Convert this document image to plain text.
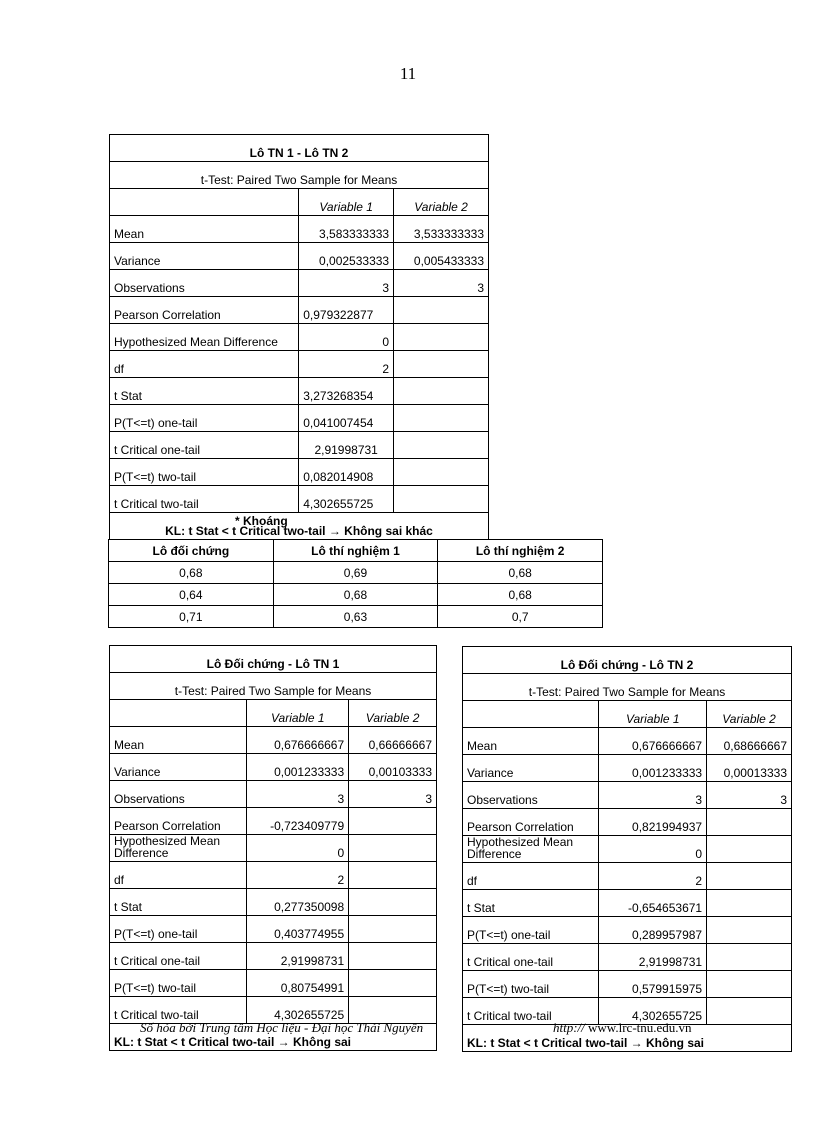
11
Lô TN 1 - Lô TN 2		
t-Test: Paired Two Sample for Means		
	Variable 1	Variable 2
Mean	3,583333333	3,533333333
Variance	0,002533333	0,005433333
Observations	3	3
Pearson Correlation	0,979322877	
Hypothesized Mean Difference	0	
df	2	
t Stat	3,273268354	
P(T<=t) one-tail	0,041007454	
t Critical one-tail	2,91998731	
P(T<=t) two-tail	0,082014908	
t Critical two-tail	4,302655725	
KL: t Stat < t Critical two-tail → Không sai khác		
* Khoáng
Lô đối chứng	Lô thí nghiệm 1	Lô thí nghiệm 2
0,68	0,69	0,68
0,64	0,68	0,68
0,71	0,63	0,7
Lô Đối chứng - Lô TN 1		
t-Test: Paired Two Sample for Means		
	Variable 1	Variable 2
Mean	0,676666667	0,66666667
Variance	0,001233333	0,00103333
Observations	3	3
Pearson Correlation	-0,723409779	
Hypothesized Mean Difference	0	
df	2	
t Stat	0,277350098	
P(T<=t) one-tail	0,403774955	
t Critical one-tail	2,91998731	
P(T<=t) two-tail	0,80754991	
t Critical two-tail	4,302655725	
KL: t Stat < t Critical two-tail → Không sai		
Lô Đối chứng - Lô TN 2		
t-Test: Paired Two Sample for Means		
	Variable 1	Variable 2
Mean	0,676666667	0,68666667
Variance	0,001233333	0,00013333
Observations	3	3
Pearson Correlation	0,821994937	
Hypothesized Mean Difference	0	
df	2	
t Stat	-0,654653671	
P(T<=t) one-tail	0,289957987	
t Critical one-tail	2,91998731	
P(T<=t) two-tail	0,579915975	
t Critical two-tail	4,302655725	
KL: t Stat < t Critical two-tail → Không sai		
Số hóa bởi Trung tâm Học liệu - Đại học Thái Nguyên	http:// www.lrc-tnu.edu.vn
